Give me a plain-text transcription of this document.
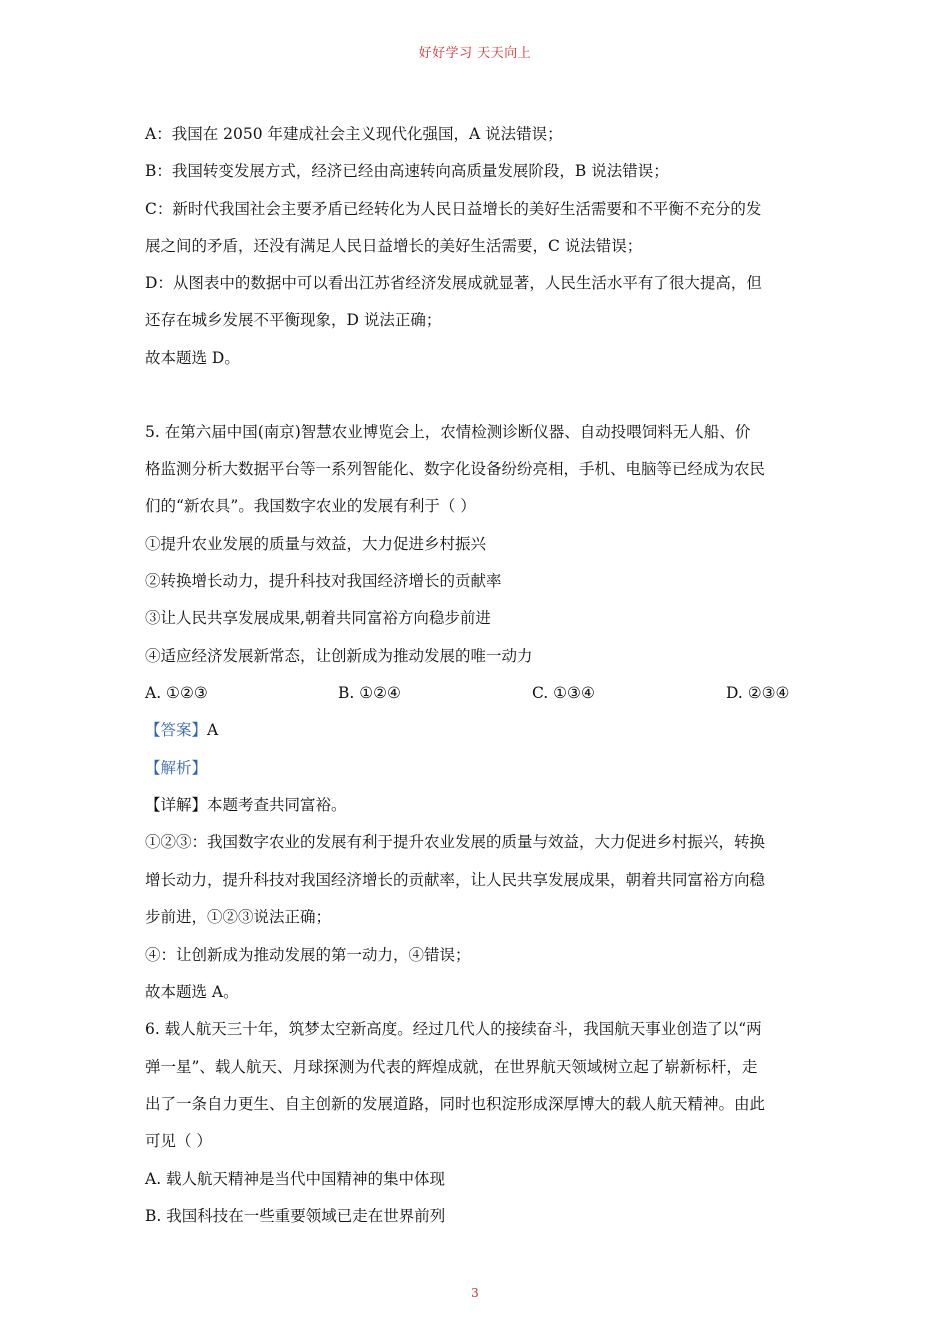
好好学习 天天向上
A：我国在 2050 年建成社会主义现代化强国，A 说法错误；
B：我国转变发展方式，经济已经由高速转向高质量发展阶段，B 说法错误；
C：新时代我国社会主要矛盾已经转化为人民日益增长的美好生活需要和不平衡不充分的发
展之间的矛盾，还没有满足人民日益增长的美好生活需要，C 说法错误；
D：从图表中的数据中可以看出江苏省经济发展成就显著，人民生活水平有了很大提高，但
还存在城乡发展不平衡现象，D 说法正确；
故本题选 D。
5. 在第六届中国(南京)智慧农业博览会上，农情检测诊断仪器、自动投喂饲料无人船、价
格监测分析大数据平台等一系列智能化、数字化设备纷纷亮相，手机、电脑等已经成为农民
们的“新农具”。我国数字农业的发展有利于（ ）
①提升农业发展的质量与效益，大力促进乡村振兴
②转换增长动力，提升科技对我国经济增长的贡献率
③让人民共享发展成果,朝着共同富裕方向稳步前进
④适应经济发展新常态，让创新成为推动发展的唯一动力
A. ①②③	B. ①②④	C. ①③④	D. ②③④
【答案】A
【解析】
【详解】本题考查共同富裕。
①②③：我国数字农业的发展有利于提升农业发展的质量与效益，大力促进乡村振兴，转换
增长动力，提升科技对我国经济增长的贡献率，让人民共享发展成果，朝着共同富裕方向稳
步前进，①②③说法正确；
④：让创新成为推动发展的第一动力，④错误；
故本题选 A。
6. 载人航天三十年，筑梦太空新高度。经过几代人的接续奋斗，我国航天事业创造了以“两
弹一星”、载人航天、月球探测为代表的辉煌成就，在世界航天领域树立起了崭新标杆，走
出了一条自力更生、自主创新的发展道路，同时也积淀形成深厚博大的载人航天精神。由此
可见（ ）
A. 载人航天精神是当代中国精神的集中体现
B. 我国科技在一些重要领域已走在世界前列
3
